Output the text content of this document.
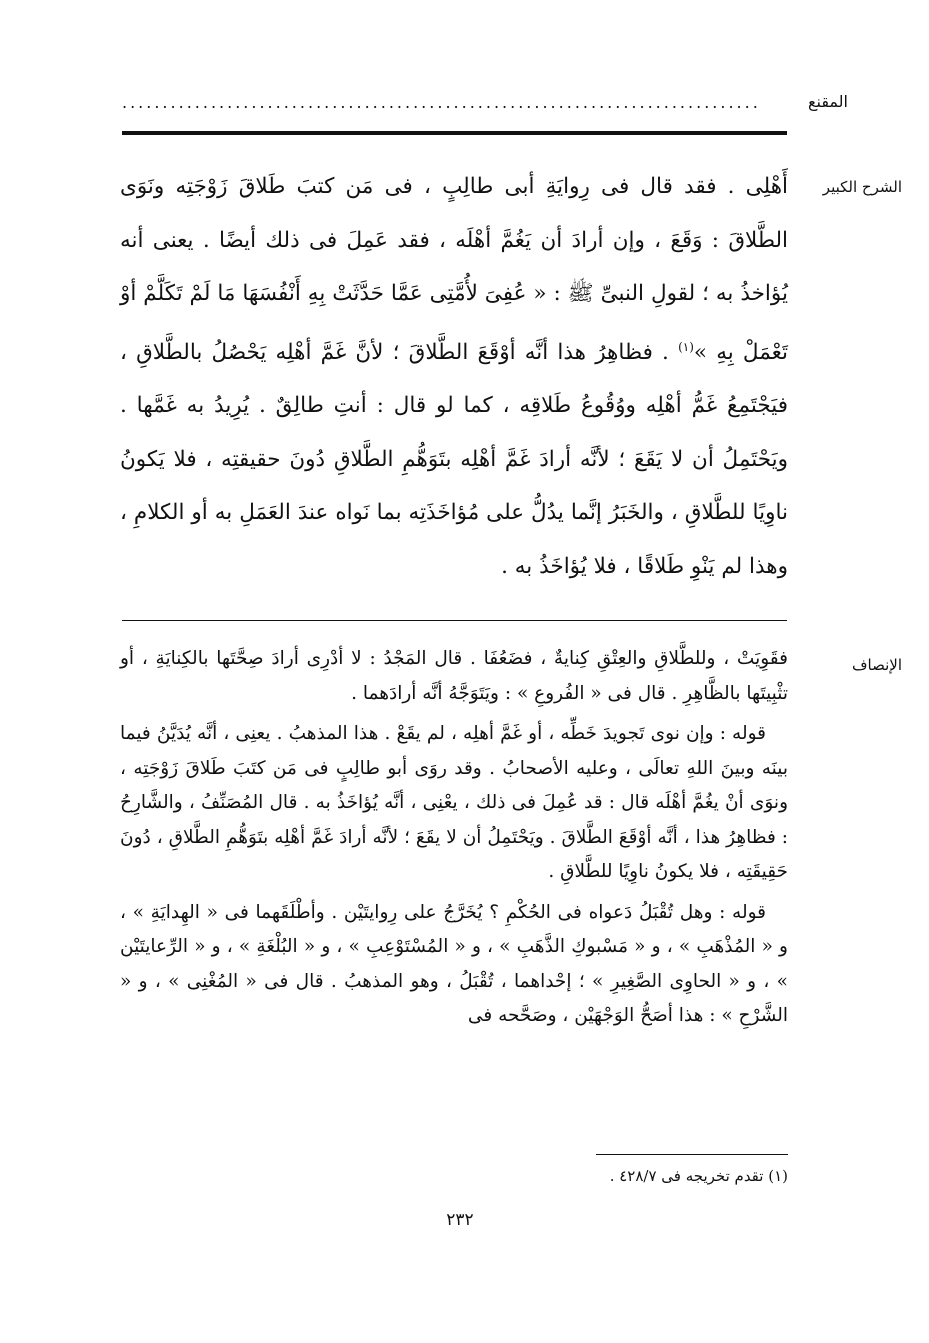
المقنع
...............................................................................
الشرح الكبير

أَهْلِى . فقد قال فى رِوايَةِ أبى طالِبٍ ، فى مَن كتبَ طَلاقَ زَوْجَتِه ونَوَى الطَّلاقَ : وَقَعَ ، وإن أرادَ أن يَغُمَّ أهْلَه ، فقد عَمِلَ فى ذلك أيضًا . يعنى أنه يُؤاخذُ به ؛ لقولِ النبىِّ ﷺ : « عُفِىَ لأُمَّتِى عَمَّا حَدَّثَتْ بِهِ أَنْفُسَهَا مَا لَمْ تَكَلَّمْ أوْ تَعْمَلْ بِهِ »$^{(١)}$ . فظاهِرُ هذا أنَّه أوْقَعَ الطَّلاقَ ؛ لأنَّ غَمَّ أهْلِه يَحْصُلُ بالطَّلاقِ ، فيَجْتَمِعُ غَمُّ أهْلِه ووُقُوعُ طَلاقِه ، كما لو قال : أنتِ طالِقٌ . يُرِيدُ به غَمَّها . ويَحْتَمِلُ أن لا يَقَعَ ؛ لأنَّه أرادَ غَمَّ أهْلِه بتَوَهُّمِ الطَّلاقِ دُونَ حقيقتِه ، فلا يَكونُ ناوِيًا للطَّلاقِ ، والخَبَرُ إنَّما يدُلُّ على مُؤاخَذَتِه بما نَواه عندَ العَمَلِ به أو الكلامِ ، وهذا لم يَنْوِ طَلاقًا ، فلا يُؤاخَذُ به .

الإنصاف

فقَوِيَتْ ، وللطَّلاقِ والعِتْقِ كِنايةٌ ، فضَعُفَا . قال المَجْدُ : لا أدْرِى أرادَ صِحَّتَها بالكِنايَةِ ، أو تثْبِيتَها بالظَّاهِرِ . قال فى « الفُروعِ » : ويَتَوَجَّهُ أنَّه أرادَهما .

قوله : وإن نوى تَجويدَ خَطِّه ، أو غَمَّ أهلِه ، لم يقَعْ . هذا المذهبُ . يعنِى ، أنَّه يُدَيَّنُ فيما بينَه وبينَ اللهِ تعالَى ، وعليه الأصحابُ . وقد روَى أبو طالِبٍ فى مَن كتَبَ طَلاقَ زَوْجَتِه ، ونوَى أنْ يغُمَّ أهْلَه قال : قد عُمِلَ فى ذلك ، يعْنِى ، أنَّه يُؤاخَذُ به . قال المُصَنِّفُ ، والشَّارِحُ : فظاهِرُ هذا ، أنَّه أوْقَعَ الطَّلاقَ . ويَحْتَمِلُ أن لا يقَعَ ؛ لأنَّه أرادَ غَمَّ أهْلِه بتَوَهُّمِ الطَّلاقِ ، دُونَ حَقِيقَتِه ، فلا يكونُ ناوِيًا للطَّلاقِ .

قوله : وهل تُقْبَلُ دَعواه فى الحُكْمِ ؟ يُخَرَّجُ على رِوايتَيْن . وأطْلَقَهما فى « الهِدايَةِ » ، و « المُذْهَبِ » ، و « مَسْبوكِ الذَّهَبِ » ، و « المُسْتَوْعِبِ » ، و « البُلْغَةِ » ، و « الرِّعايتَيْن » ، و « الحاوِى الصَّغِيرِ » ؛ إحْداهما ، تُقْبَلُ ، وهو المذهبُ . قال فى « المُغْنِى » ، و « الشَّرْحِ » : هذا أصَحُّ الوَجْهَيْن ، وصَحَّحه فى

(١) تقدم تخريجه فى ٤٢٨/٧ .
٢٣٢
